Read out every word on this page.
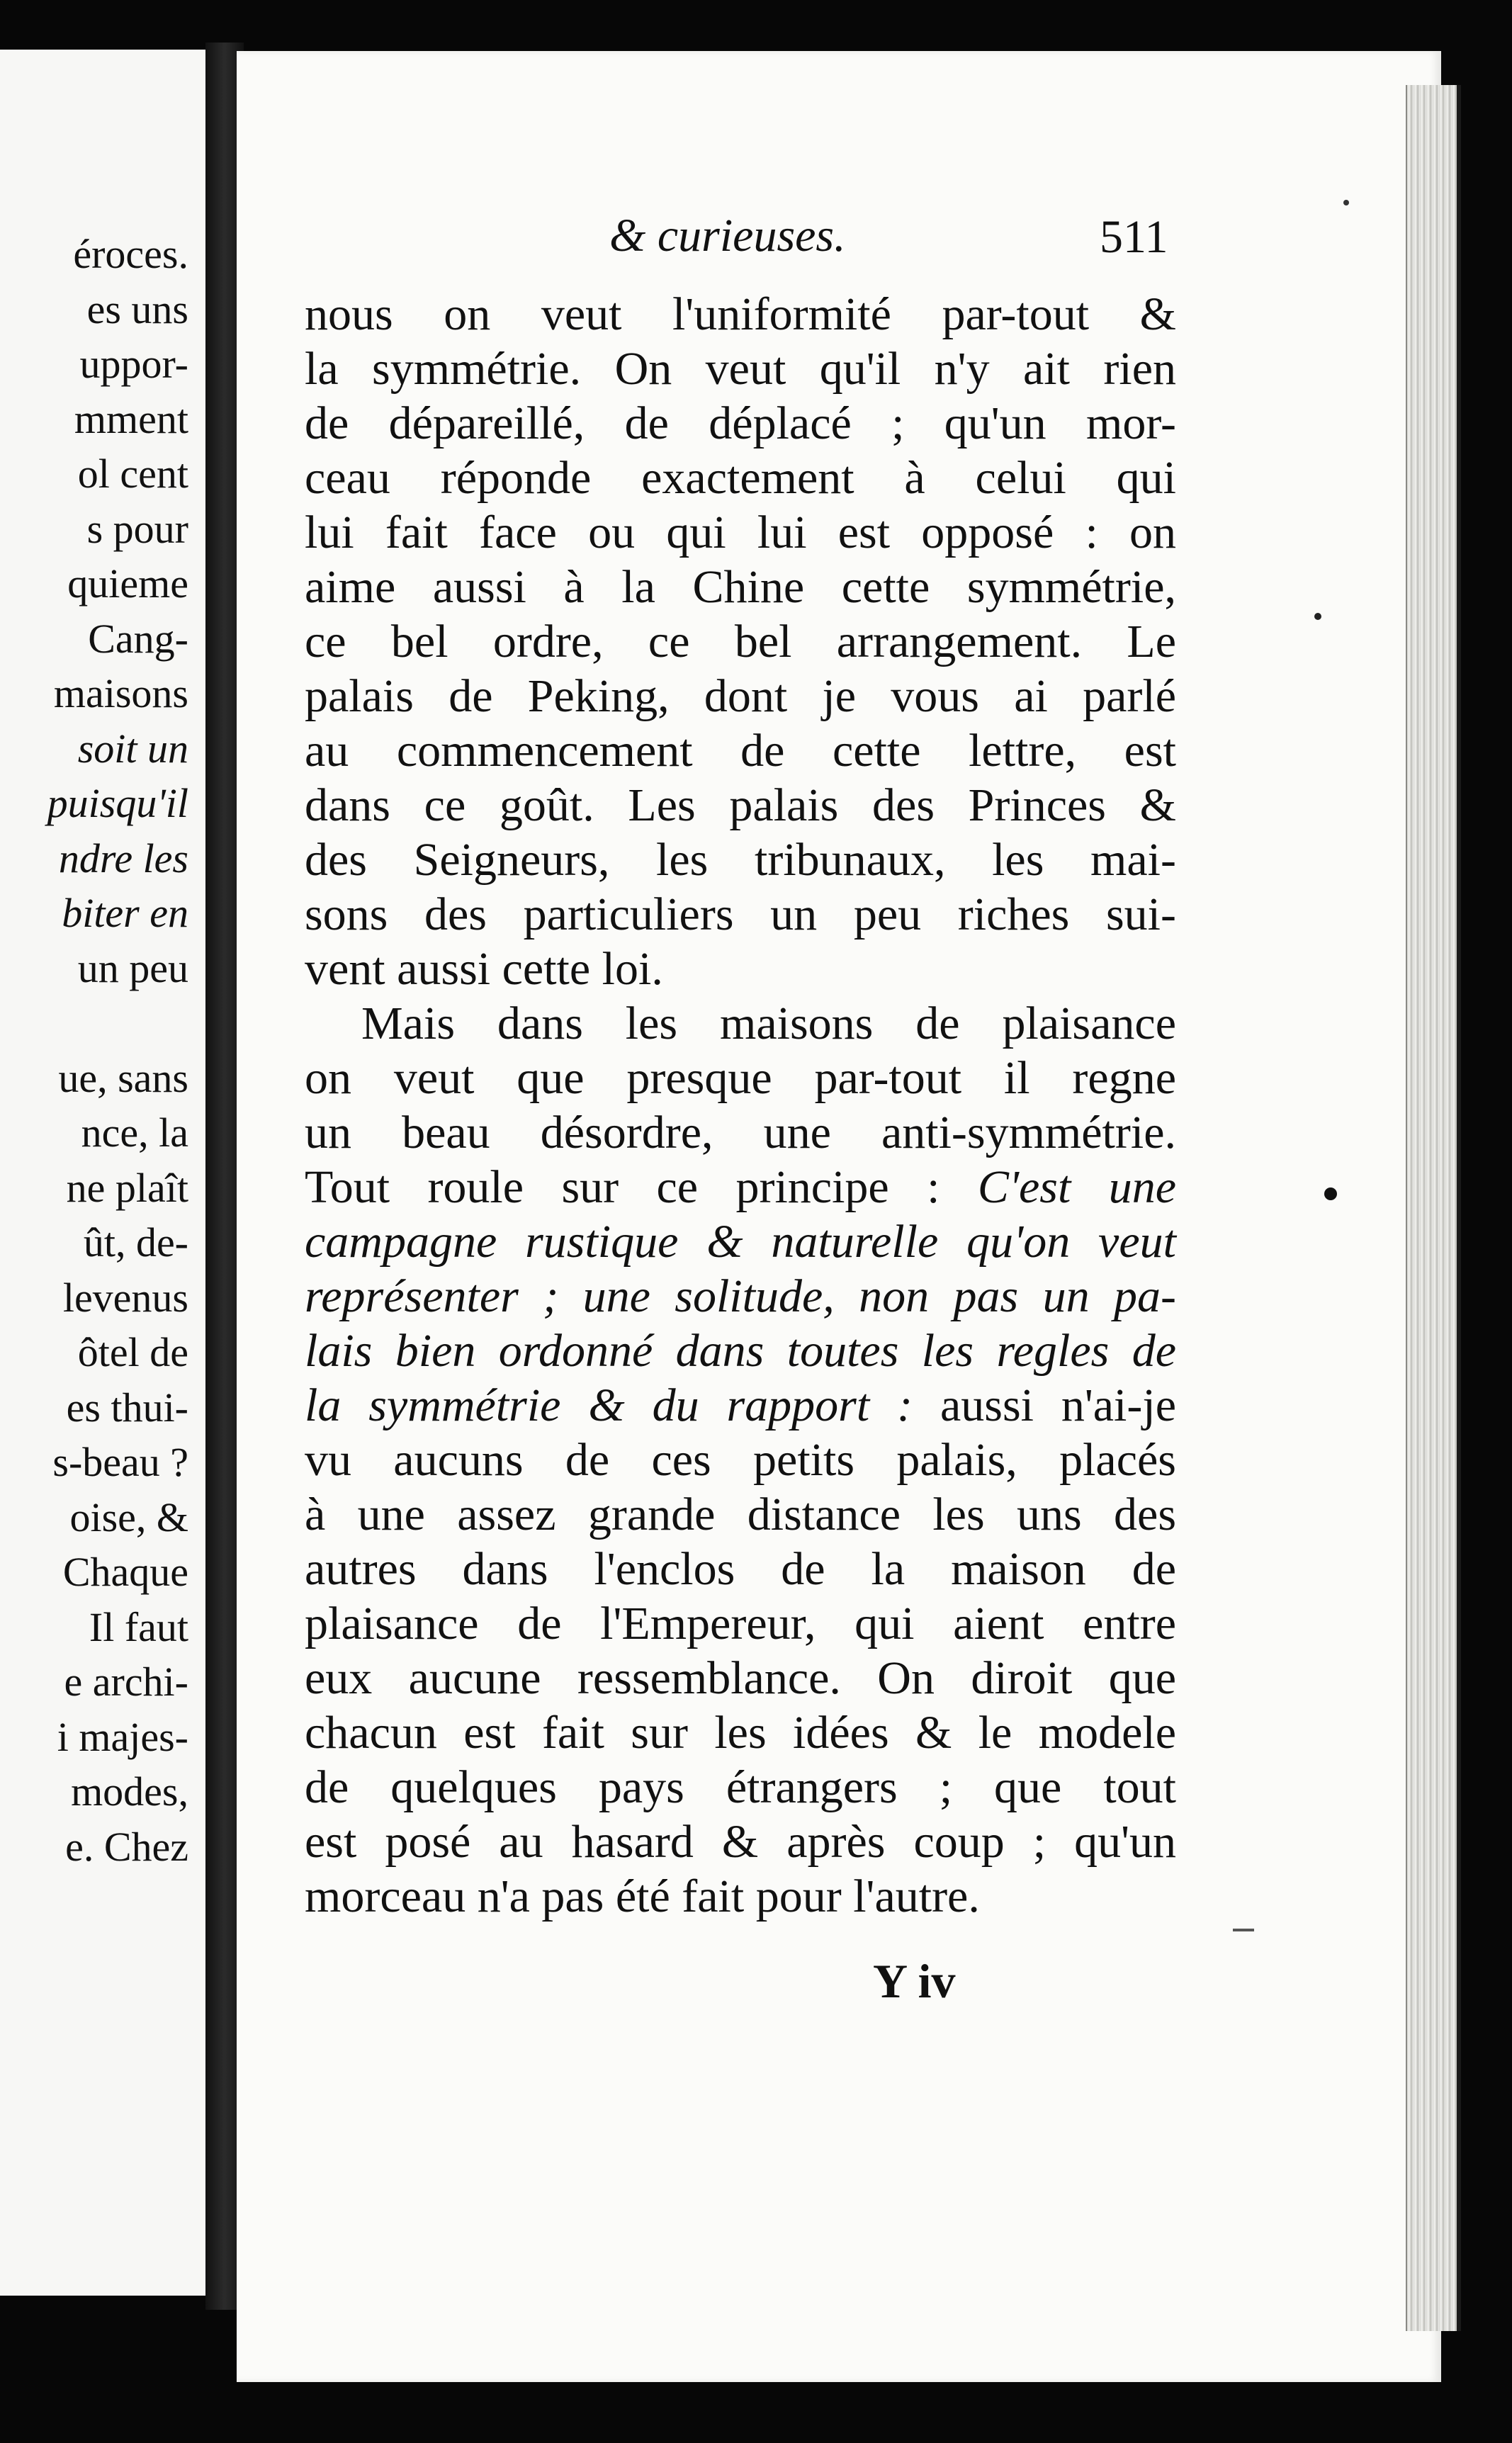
éroces.
es uns
uppor-
mment
ol cent
s pour
quieme
Cang-
maisons
soit un
puisqu'il
ndre les
biter en
un peu
ue, sans
nce, la
ne plaît
ût, de-
levenus
ôtel de
es thui-
s-beau ?
oise, &
Chaque
Il faut
e archi-
i majes-
modes,
e. Chez
& curieuses.	511
nous on veut l'uniformité par-tout &
la symmétrie. On veut qu'il n'y ait rien
de dépareillé, de déplacé ; qu'un mor-
ceau réponde exactement à celui qui
lui fait face ou qui lui est opposé : on
aime aussi à la Chine cette symmétrie,
ce bel ordre, ce bel arrangement. Le
palais de Peking, dont je vous ai parlé
au commencement de cette lettre, est
dans ce goût. Les palais des Princes &
des Seigneurs, les tribunaux, les mai-
sons des particuliers un peu riches sui-
vent aussi cette loi.
Mais dans les maisons de plaisance
on veut que presque par-tout il regne
un beau désordre, une anti-symmétrie.
Tout roule sur ce principe : C'est une
campagne rustique & naturelle qu'on veut
représenter ; une solitude, non pas un pa-
lais bien ordonné dans toutes les regles de
la symmétrie & du rapport : aussi n'ai-je
vu aucuns de ces petits palais, placés
à une assez grande distance les uns des
autres dans l'enclos de la maison de
plaisance de l'Empereur, qui aient entre
eux aucune ressemblance. On diroit que
chacun est fait sur les idées & le modele
de quelques pays étrangers ; que tout
est posé au hasard & après coup ; qu'un
morceau n'a pas été fait pour l'autre.
Y iv
